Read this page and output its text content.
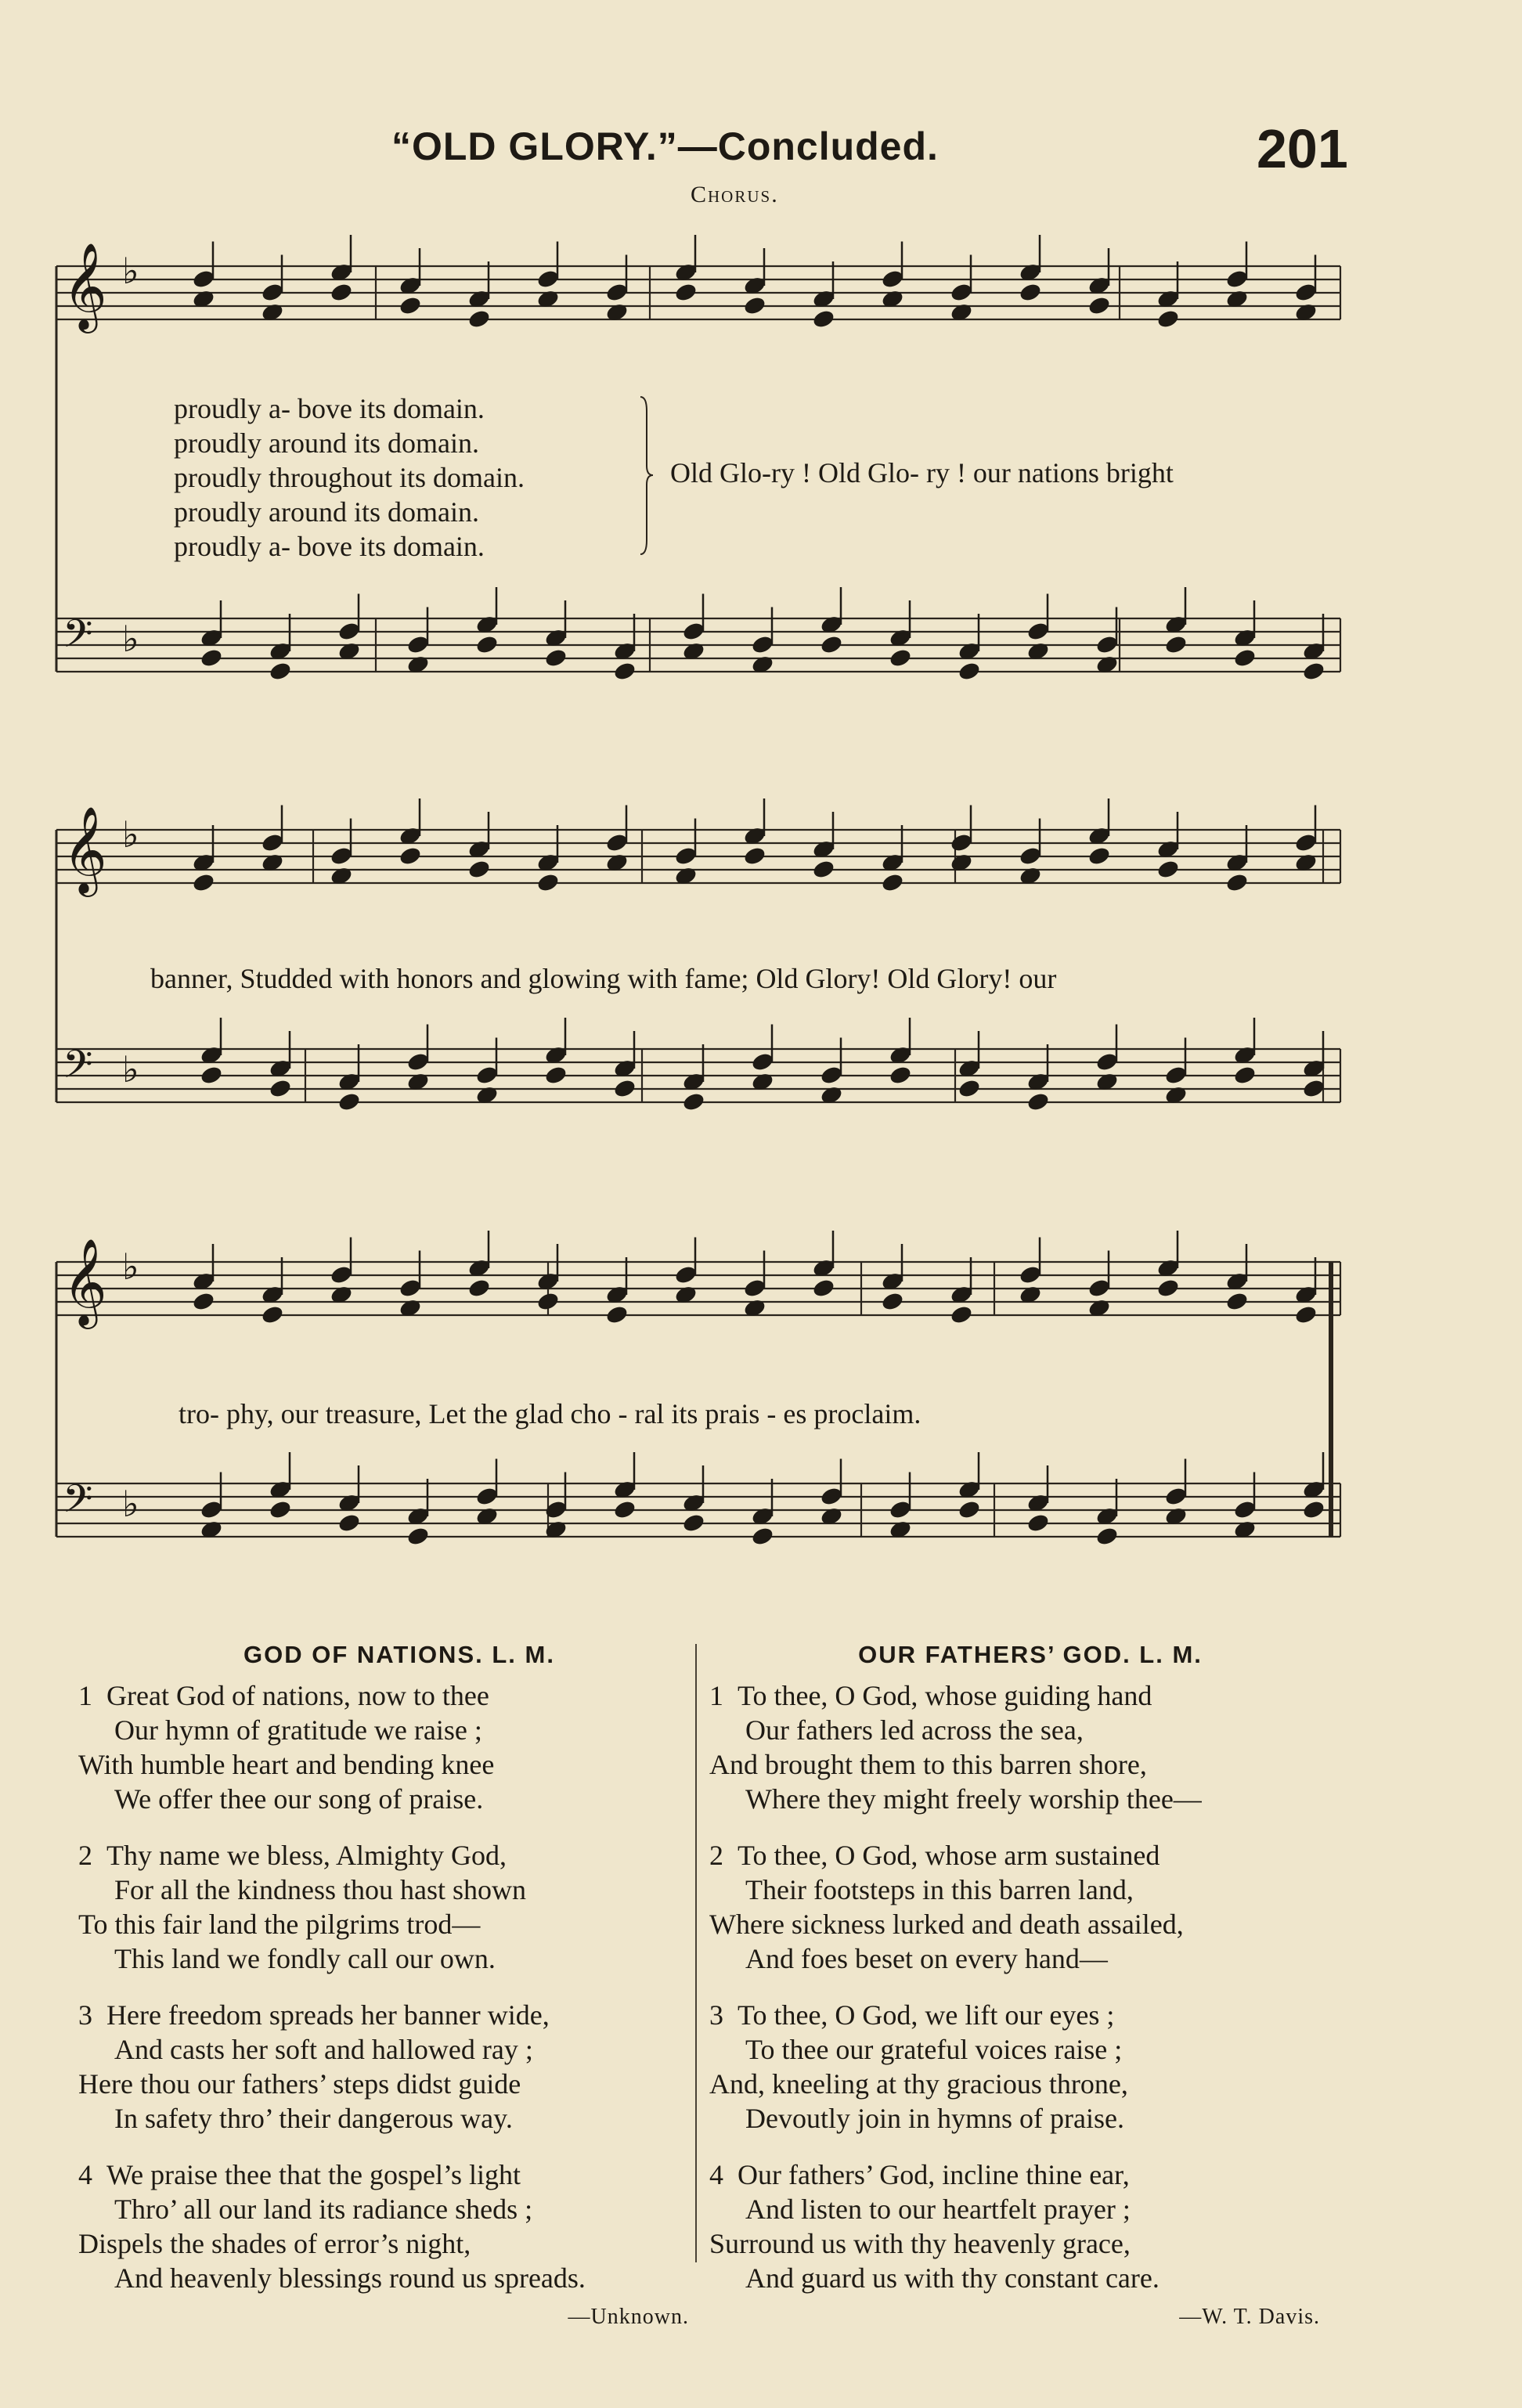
“OLD GLORY.”—Concluded.	201
Chorus.
𝄞 ♭
𝄢 ♭
𝄞 ♭
𝄢 ♭
𝄞 ♭
𝄢 ♭
proudly a- bove its domain.
proudly around its domain.
proudly throughout its domain.
proudly around its domain.
proudly a- bove its domain.
Old Glo-ry ! Old Glo- ry ! our nations bright
banner, Studded with honors and glowing with fame; Old Glory! Old Glory! our
tro- phy, our treasure, Let the glad cho - ral its prais - es proclaim.
GOD OF NATIONS. L. M.
1 Great God of nations, now to thee
Our hymn of gratitude we raise ;
With humble heart and bending knee
We offer thee our song of praise.
2 Thy name we bless, Almighty God,
For all the kindness thou hast shown
To this fair land the pilgrims trod—
This land we fondly call our own.
3 Here freedom spreads her banner wide,
And casts her soft and hallowed ray ;
Here thou our fathers’ steps didst guide
In safety thro’ their dangerous way.
4 We praise thee that the gospel’s light
Thro’ all our land its radiance sheds ;
Dispels the shades of error’s night,
And heavenly blessings round us spreads.
—Unknown.
OUR FATHERS’ GOD. L. M.
1 To thee, O God, whose guiding hand
Our fathers led across the sea,
And brought them to this barren shore,
Where they might freely worship thee—
2 To thee, O God, whose arm sustained
Their footsteps in this barren land,
Where sickness lurked and death assailed,
And foes beset on every hand—
3 To thee, O God, we lift our eyes ;
To thee our grateful voices raise ;
And, kneeling at thy gracious throne,
Devoutly join in hymns of praise.
4 Our fathers’ God, incline thine ear,
And listen to our heartfelt prayer ;
Surround us with thy heavenly grace,
And guard us with thy constant care.
—W. T. Davis.
